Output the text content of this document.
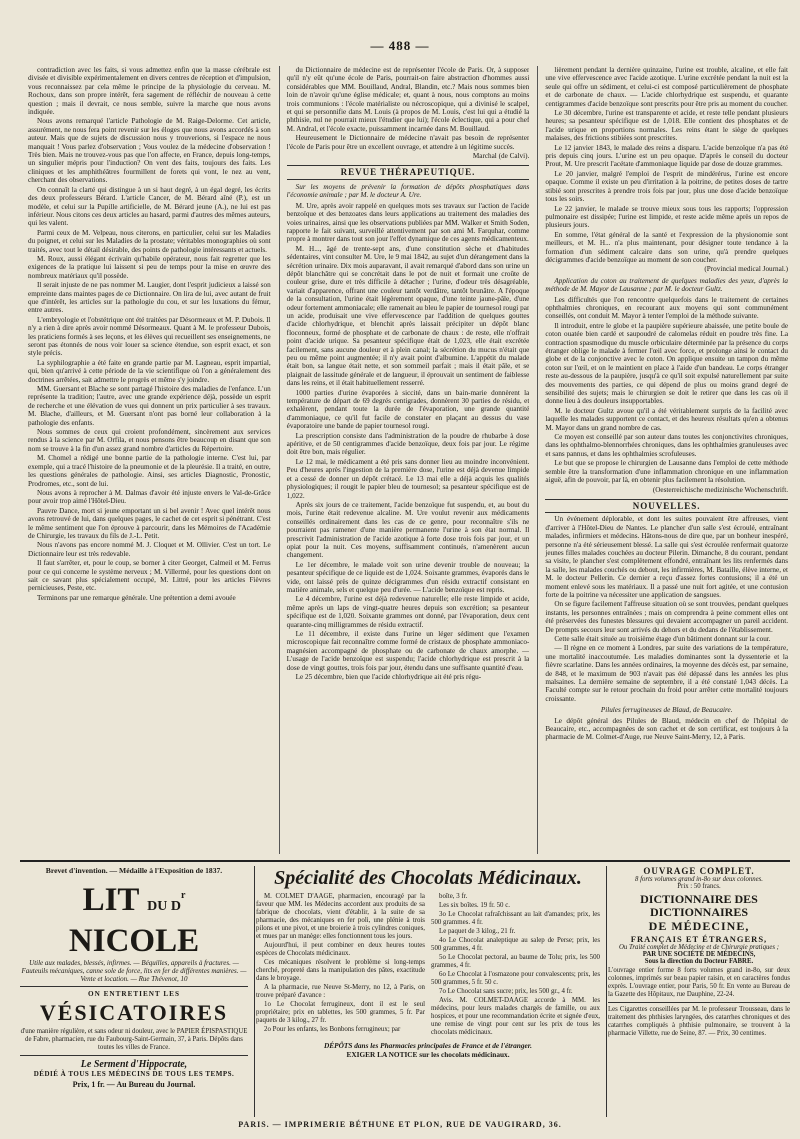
— 488 —

contradiction avec les faits, si vous admettez enfin que la masse cérébrale est divisée et divisible expérimentalement en divers centres de réception et d'impulsion, vous reconnaissez par cela même le principe de la physiologie du cerveau. M. Rochoux, dans son propre intérêt, fera sagement de réfléchir de nouveau à cette question ; mais il devrait, ce nous semble, suivre la marche que nous avons indiquée.

Nous avons remarqué l'article Pathologie de M. Raige-Delorme. Cet article, assurément, ne nous fera point revenir sur les éloges que nous avons accordés à son auteur. Mais que de sujets de discussion nous y trouverions, si l'espace ne nous manquait ! Vous parlez d'observation ; Vous voulez de la médecine d'observation ! Très bien. Mais ne trouvez-vous pas que l'on affecte, en France, depuis long-temps, un singulier mépris pour l'induction? On vent des faits, toujours des faits. Les cliniques et les amphithéâtres fourmillent de forets qui vont, le nez au vent, cherchant des observations.

On connaît la clarté qui distingue à un si haut degré, à un égal degré, les écrits des deux professeurs Bérard. L'article Cancer, de M. Bérard aîné (P.), est un modèle, et celui sur la Pupille artificielle, de M. Bérard jeune (A.), ne lui est pas inférieur. Nous citons ces deux articles au hasard, parmi d'autres des mêmes auteurs, qui les valent.

Parmi ceux de M. Velpeau, nous citerons, en particulier, celui sur les Maladies du poignet, et celui sur les Maladies de la prostate; véritables monographies où sont traités, avec tout le détail désirable, des points de pathologie intéressants et actuels.

M. Roux, aussi élégant écrivain qu'habile opérateur, nous fait regretter que les exigences de la pratique lui laissent si peu de temps pour la mise en œuvre des nombreux matériaux qu'il possède.

Il serait injuste de ne pas nommer M. Laugier, dont l'esprit judicieux a laissé son empreinte dans maintes pages de ce Dictionnaire. On lira de lui, avec autant de fruit que d'intérêt, les articles sur la pathologie du cou, et sur les luxations du fémur, entre autres.

L'embryologie et l'obstétrique ont été traitées par Désormeaux et M. P. Dubois. Il n'y a rien à dire après avoir nommé Désormeaux. Quant à M. le professeur Dubois, les praticiens formés à ses leçons, et les élèves qui recueillent ses enseignements, ne seront pas étonnés de nous voir louer sa science étendue, son esprit exact, et son style précis.

La syphilographie a été faite en grande partie par M. Lagneau, esprit impartial, qui, bien qu'arrivé à cette période de la vie scientifique où l'on a généralement des doctrines arrêtées, sait admettre le progrès et même s'y joindre.

MM. Guersant et Blache se sont partagé l'histoire des maladies de l'enfance. L'un représente la tradition; l'autre, avec une grande expérience déjà, possède un esprit de recherche et une élévation de vues qui donnent un prix particulier à ses travaux. M. Blache, d'ailleurs, et M. Guersant n'ont pas borné leur collaboration à la pathologie des enfants.

Nous sommes de ceux qui croient profondément, sincèrement aux services rendus à la science par M. Orfila, et nous pensons être beaucoup en disant que son nom se trouve à la fin d'un assez grand nombre d'articles du Répertoire.

M. Chomel a rédigé une bonne partie de la pathologie interne. C'est lui, par exemple, qui a tracé l'histoire de la pneumonie et de la pleurésie. Il a traité, en outre, les questions générales de pathologie. Ainsi, ses articles Diagnostic, Pronostic, Prodromes, etc., sont de lui.

Nous avons à reprocher à M. Dalmas d'avoir été injuste envers le Val-de-Grâce pour avoir trop aimé l'Hôtel-Dieu.

Pauvre Dance, mort si jeune emportant un si bel avenir ! Avec quel intérêt nous avons retrouvé de lui, dans quelques pages, le cachet de cet esprit si pénétrant. C'est le même sentiment que l'on éprouve à parcourir, dans les Mémoires de l'Académie de Chirurgie, les travaux du fils de J.-L. Petit.

Nous n'avons pas encore nommé M. J. Cloquet et M. Ollivier. C'est un tort. Le Dictionnaire leur est très redevable.

Il faut s'arrêter, et, pour le coup, se borner à citer Georget, Calmeil et M. Ferrus pour ce qui concerne le système nerveux ; M. Villermé, pour les questions dont on sait ce savant plus spécialement occupé, M. Littré, pour les articles Fièvres pernicieuses, Peste, etc.

Terminons par une remarque générale. Une prétention a demi avouée

du Dictionnaire de médecine est de représenter l'école de Paris. Or, à supposer qu'il n'y eût qu'une école de Paris, pourrait-on faire abstraction d'hommes aussi considérables que MM. Bouillaud, Andral, Blandin, etc.? Mais nous sommes bien loin de n'avoir qu'une église médicale; et, quant à nous, nous comptons au moins trois communions : l'école matérialiste ou nécroscopique, qui a divinisé le scalpel, et qui se personnifie dans M. Louis (à propos de M. Louis, c'est lui qui a étudié la phthisie, nul ne pourrait mieux l'étudier que lui); l'école éclectique, qui a pour chef M. Andral, et l'école exacte, puissamment incarnée dans M. Bouillaud.

Heureusement le Dictionnaire de médecine n'avait pas besoin de représenter l'école de Paris pour être un excellent ouvrage, et attendre à un légitime succès.

Marchal (de Calvi).
REVUE THÉRAPEUTIQUE.
Sur les moyens de prévenir la formation de dépôts phosphatiques dans l'économie animale ; par M. le docteur A. Ure.

M. Ure, après avoir rappelé en quelques mots ses travaux sur l'action de l'acide benzoïque et des benzoates dans leurs applications au traitement des maladies des voies urinaires, ainsi que les observations publiées par MM. Walker et Smith Soden, rapporte le fait suivant, surveillé attentivement par son ami M. Farquhar, comme propre à montrer dans tout son jour l'effet dynamique de ces agents médicamenteux.

M. H..., âgé de trente-sept ans, d'une constitution sèche et d'habitudes sédentaires, vint consulter M. Ure, le 9 mai 1842, au sujet d'un dérangement dans la sécrétion urinaire. Dix mois auparavant, il avait remarqué d'abord dans son urine un dépôt blanchâtre qui se concrétait dans le pot de nuit et formait une croûte de couleur grise, dure et très difficile à détacher ; l'urine, d'odeur très désagréable, variait d'apparence, offrant une couleur tantôt verdâtre, tantôt brunâtre. A l'époque de la consultation, l'urine était légèrement opaque, d'une teinte jaune-pâle, d'une odeur fortement ammoniacale; elle ramenait au bleu le papier de tournesol rougi par un acide, produisait une vive effervescence par l'addition de quelques gouttes d'acide chlorhydrique, et blenchit après laissait précipiter un dépôt blanc floconneux, formé de phosphate et de carbonate de chaux : de reste, elle n'offrait point d'acide urique. Sa pesanteur spécifique était de 1,023, elle était excrétée facilement, sans aucune douleur et à plein canal; la sécrétion du mucus n'était que peu ou même point augmentée; il n'y avait point d'albumine. L'appétit du malade était bon, sa langue était nette, et son sommeil parfait ; mais il était pâle, et se plaignait de lassitude générale et de langueur, il éprouvait un sentiment de faiblesse dans les reins, et il était habituellement resserré.

1000 parties d'urine évaporées à siccité, dans un bain-marie donnèrent la température de départ de 69 degrés centigrades, donnèrent 30 parties de résidu, et exhalèrent, pendant toute la durée de l'évaporation, une grande quantité d'ammoniaque, ce qu'il fut facile de constater en plaçant au dessus du vase évaporatoire une bande de papier tournesol rougi.

La prescription consiste dans l'administration de la poudre de rhubarbe à dose apéritive, et de 50 centigrammes d'acide benzoïque, deux fois par jour. Le régime doit être bon, mais régulier.

Le 12 mai, le médicament a été pris sans donner lieu au moindre inconvénient. Peu d'heures après l'ingestion de la première dose, l'urine est déjà devenue limpide et a cessé de donner un dépôt crétacé. Le 13 mai elle a déjà acquis les qualités physiologiques; il rougit le papier bleu de tournesol; sa pesanteur spécifique est de 1,022.

Après six jours de ce traitement, l'acide benzoïque fut suspendu, et, au bout du mois, l'urine était redevenue alcaline. M. Ure voulut revenir aux médicaments conseillés ordinairement dans les cas de ce genre, pour reconnaître s'ils ne pourraient pas ramener d'une manière permanente l'urine à son état normal. Il prescrivit l'administration de l'acide azotique à forte dose trois fois par jour, et un opiat pour la nuit. Ces moyens, suffisamment continués, n'amenèrent aucun changement.

Le 1er décembre, le malade voit son urine devenir trouble de nouveau; la pesanteur spécifique de ce liquide est de 1,024. Soixante grammes, évaporés dans le vide, ont laissé près de quinze décigrammes d'un résidu extractif consistant en matière animale, sels et quelque peu d'urée. — L'acide benzoïque est repris.

Le 4 décembre, l'urine est déjà redevenue naturelle; elle reste limpide et acide, même après un laps de vingt-quatre heures depuis son excrétion; sa pesanteur spécifique est de 1,020. Soixante grammes ont donné, par l'évaporation, deux cent quarante-cinq milligrammes de résidu extractif.

Le 11 décembre, il existe dans l'urine un léger sédiment que l'examen microscopique fait reconnaître comme formé de cristaux de phosphate ammoniaco-magnésien accompagné de phosphate ou de carbonate de chaux amorphe. — L'usage de l'acide benzoïque est suspendu; l'acide chlorhydrique est prescrit à la dose de vingt gouttes, trois fois par jour, étendu dans une suffisante quantité d'eau.

Le 25 décembre, bien que l'acide chlorhydrique ait été pris régu-

lièrement pendant la dernière quinzaine, l'urine est trouble, alcaline, et elle fait une vive effervescence avec l'acide azotique. L'urine excrétée pendant la nuit est la seule qui offre un sédiment, et celui-ci est composé particulièrement de phosphate et de carbonate de chaux. — L'acide chlorhydrique est suspendu, et quarante centigrammes d'acide benzoïque sont prescrits pour être pris au moment du coucher.

Le 30 décembre, l'urine est transparente et acide, et reste telle pendant plusieurs heures; sa pesanteur spécifique est de 1,018. Elle contient des phosphates et de l'acide urique en proportions normales. Les reins étant le siège de quelques malaises, des frictions stibiées sont prescrites.

Le 12 janvier 1843, le malade des reins a disparu. L'acide benzoïque n'a pas été pris depuis cinq jours. L'urine est un peu opaque. D'après le conseil du docteur Prout, M. Ure prescrit l'acétate d'ammoniaque liquide par dose de douze grammes.

Le 20 janvier, malgré l'emploi de l'esprit de mindérérus, l'urine est encore opaque. Comme il existe un peu d'irritation à la poitrine, de petites doses de tartre stibié sont prescrites à prendre trois fois par jour, plus une dose d'acide benzoïque tous les soirs.

Le 22 janvier, le malade se trouve mieux sous tous les rapports; l'oppression pulmonaire est dissipée; l'urine est limpide, et reste acide même après un repos de plusieurs jours.

En somme, l'état général de la santé et l'expression de la physionomie sont meilleurs, et M. H... n'a plus maintenant, pour désigner toute tendance à la formation d'un sédiment calcaire dans son urine, qu'à prendre quelques décigrammes d'acide benzoïque au moment de son coucher.

(Provincial medical Journal.)
Application du coton au traitement de quelques maladies des yeux, d'après la méthode de M. Mayor de Lausanne ; par M. le docteur Gultz.

Les difficultés que l'on rencontre quelquefois dans le traitement de certaines ophthalmies chroniques, en recourant aux moyens qui sont communément conseillés, ont conduit M. Mayor à tenter l'emploi de la méthode suivante.

Il introduit, entre le globe et la paupière supérieure abaissée, une petite boule de coton ouatée bien cardé et saupoudré de calomelas réduit en poudre très fine. La contraction spasmodique du muscle orbiculaire déterminée par la présence du corps étranger oblige le malade à fermer l'œil avec force, et prolonge ainsi le contact du globe et de la conjonctive avec le coton. On applique ensuite un tampon du même coton sur l'œil, et on le maintient en place à l'aide d'un bandeau. Le corps étranger reste au-dessous de la paupière, jusqu'à ce qu'il soit expulsé naturellement par suite des mouvements des parties, ce qui dépend de plus ou moins grand degré de sensibilité des sujets; mais le chirurgien se doit le retirer que dans les cas où il donne lieu à des douleurs insupportables.

M. le docteur Gultz avoue qu'il a été véritablement surpris de la facilité avec laquelle les malades supportent ce contact, et des heureux résultats qu'en a obtenus M. Mayor dans un grand nombre de cas.

Ce moyen est conseillé par son auteur dans toutes les conjonctivites chroniques, dans les ophthalmo-blennorrhées chroniques, dans les ophthalmies granuleuses avec et sans pannus, et dans les ophthalmies scrofuleuses.

Le but que se propose le chirurgien de Lausanne dans l'emploi de cette méthode semble être la transformation d'une inflammation chronique en une inflammation aiguë, afin de pouvoir, par là, en obtenir plus facilement la résolution.

(Oesterreichische medizinische Wochenschrift.
NOUVELLES.

Un événement déplorable, et dont les suites pouvaient être affreuses, vient d'arriver à l'Hôtel-Dieu de Nantes. Le plancher d'un salle s'est écroulé, entraînant malades, infirmiers et médecins. Hâtons-nous de dire que, par un bonheur inespéré, personne n'a été sérieusement blessé. La salle qui s'est écroulée renfermait quatorze jeunes filles malades couchées au docteur Pilerin. Dimanche, 8 du courant, pendant sa visite, le plancher s'est complètement effondré, entraînant les lits renfermés dans la salle, les malades couchés ou debout, les infirmières, M. Bataille, élève interne, et M. le docteur Pellerin. Ce dernier a reçu d'assez fortes contusions; il a été un moment enlevé sous les matériaux. Il a passé une nuit fort agitée, et une contusion forte de la poitrine va nécessiter une application de sangsues.

On se figure facilement l'affreuse situation où se sont trouvées, pendant quelques instants, les personnes entraînées ; mais on comprendra à peine comment elles ont été préservées des funestes blessures qui devaient accompagner un pareil accident. De prompts secours leur sont arrivés du dehors et du dedans de l'établissement.

Cette salle était située au troisième étage d'un bâtiment donnant sur la cour.

— Il règne en ce moment à Londres, par suite des variations de la température, une mortalité inaccoutumée. Les maladies dominantes sont la dyssenterie et la fièvre scarlatine. Dans les années ordinaires, la moyenne des décès est, par semaine, de 848, et le maximum de 903 n'avait pas été dépassé dans les années les plus malsaines. La dernière semaine de septembre, il a été constaté 1,043 décès. La Faculté compte sur le retour prochain du froid pour arrêter cette mortalité toujours croissante.

Pilules ferrugineuses de Blaud, de Beaucaire.

Le dépôt général des Pilules de Blaud, médecin en chef de l'hôpital de Beaucaire, etc., accompagnées de son cachet et de son certificat, est toujours à la pharmacie de M. Colmet-d'Auge, rue Neuve Saint-Merry, 12, à Paris.

Brevet d'invention. — Médaille à l'Exposition de 1837.
LIT DU $D^r$ NICOLE
Utile aux malades, blessés, infirmes. — Béquilles, appareils à fractures. — Fauteuils mécaniques, canne sole de force, lits en fer de différentes manières. — Vente et location. — Rue Thévenot, 10
ON ENTRETIENT LES
VÉSICATOIRES
d'une manière régulière, et sans odeur ni douleur, avec le PAPIER ÉPISPASTIQUE de Fabre, pharmacien, rue du Faubourg-Saint-Germain, 37, à Paris. Dépôts dans toutes les villes de France.
Le Serment d'Hippocrate,
DÉDIÉ À TOUS LES MÉDECINS DE TOUS LES TEMPS.
Prix, 1 fr. — Au Bureau du Journal.
Spécialité des Chocolats Médicinaux.

M. COLMET D'AAGE, pharmacien, encouragé par la faveur que MM. les Médecins accordent aux produits de sa fabrique de chocolats, vient d'établir, à la suite de sa pharmacie, des mécaniques en fer poli, une plénie à trois pilons et une pivot, et une broierie à trois cylindres coniques, et mues par un manège: elles fonctionnent tous les jours.

Aujourd'hui, il peut combiner en deux heures toutes espèces de Chocolats médicinaux.

Ces mécaniques résolvent le problème si long-temps cherché, propreté dans la manipulation des pâtes, exactitude dans le broyage.

A la pharmacie, rue Neuve St-Merry, no 12, à Paris, on trouve préparé d'avance :

1o Le Chocolat ferrugineux, dont il est le seul propriétaire; prix en tablettes, les 500 grammes, 5 fr. Par paquets de 3 kilog., 27 fr.

2o Pour les enfants, les Bonbons ferrugineux; par

boîte, 3 fr.

Les six boîtes. 19 fr. 50 c.

3o Le Chocolat rafraîchissant au lait d'amandes; prix, les 500 grammes. 4 fr.

Le paquet de 3 kilog., 21 fr.

4o Le Chocolat analeptique au salep de Perse; prix, les 500 grammes, 4 fr.

5o Le Chocolat pectoral, au baume de Tolu; prix, les 500 grammes, 4 fr.

6o Le Chocolat à l'osmazone pour convalescents; prix, les 500 grammes, 5 fr. 50 c.

7o Le Chocolat sans sucre; prix, les 500 gr., 4 fr.

Avis. M. COLMET-DAAGE accorde à MM. les médecins, pour leurs malades chargés de famille, ou aux hospices, et pour une recommandation écrite et signée d'eux, une remise de vingt pour cent sur les prix de tous les chocolats médicinaux.

DÉPÔTS dans les Pharmacies principales de France et de l'étranger.
EXIGER LA NOTICE sur les chocolats médicinaux.
OUVRAGE COMPLET.
8 forts volumes grand in-8o sur deux colonnes.
Prix : 50 francs.
DICTIONNAIRE DES DICTIONNAIRES
DE MÉDECINE,
FRANÇAIS ET ÉTRANGERS,
Ou Traité complet de Médecine et de Chirurgie pratiques ;
PAR UNE SOCIÉTÉ DE MÉDECINS,
Sous la direction du Docteur FABRE.
L'ouvrage entier forme 8 forts volumes grand in-8o, sur deux colonnes, imprimés sur beau papier raisin, et en caractères fondus exprès. L'ouvrage entier, pour Paris, 50 fr. En vente au Bureau de la Gazette des Hôpitaux, rue Dauphine, 22-24.
Les Cigarettes conseillées par M. le professeur Trousseau, dans le traitement des phthisies laryngées, des catarrhes chroniques et des catarrhes compliqués à phthisie pulmonaire, se trouvent à la pharmacie Villette, rue de Seine, 87. — Prix, 30 centimes.
PARIS. — IMPRIMERIE BÉTHUNE ET PLON, RUE DE VAUGIRARD, 36.
